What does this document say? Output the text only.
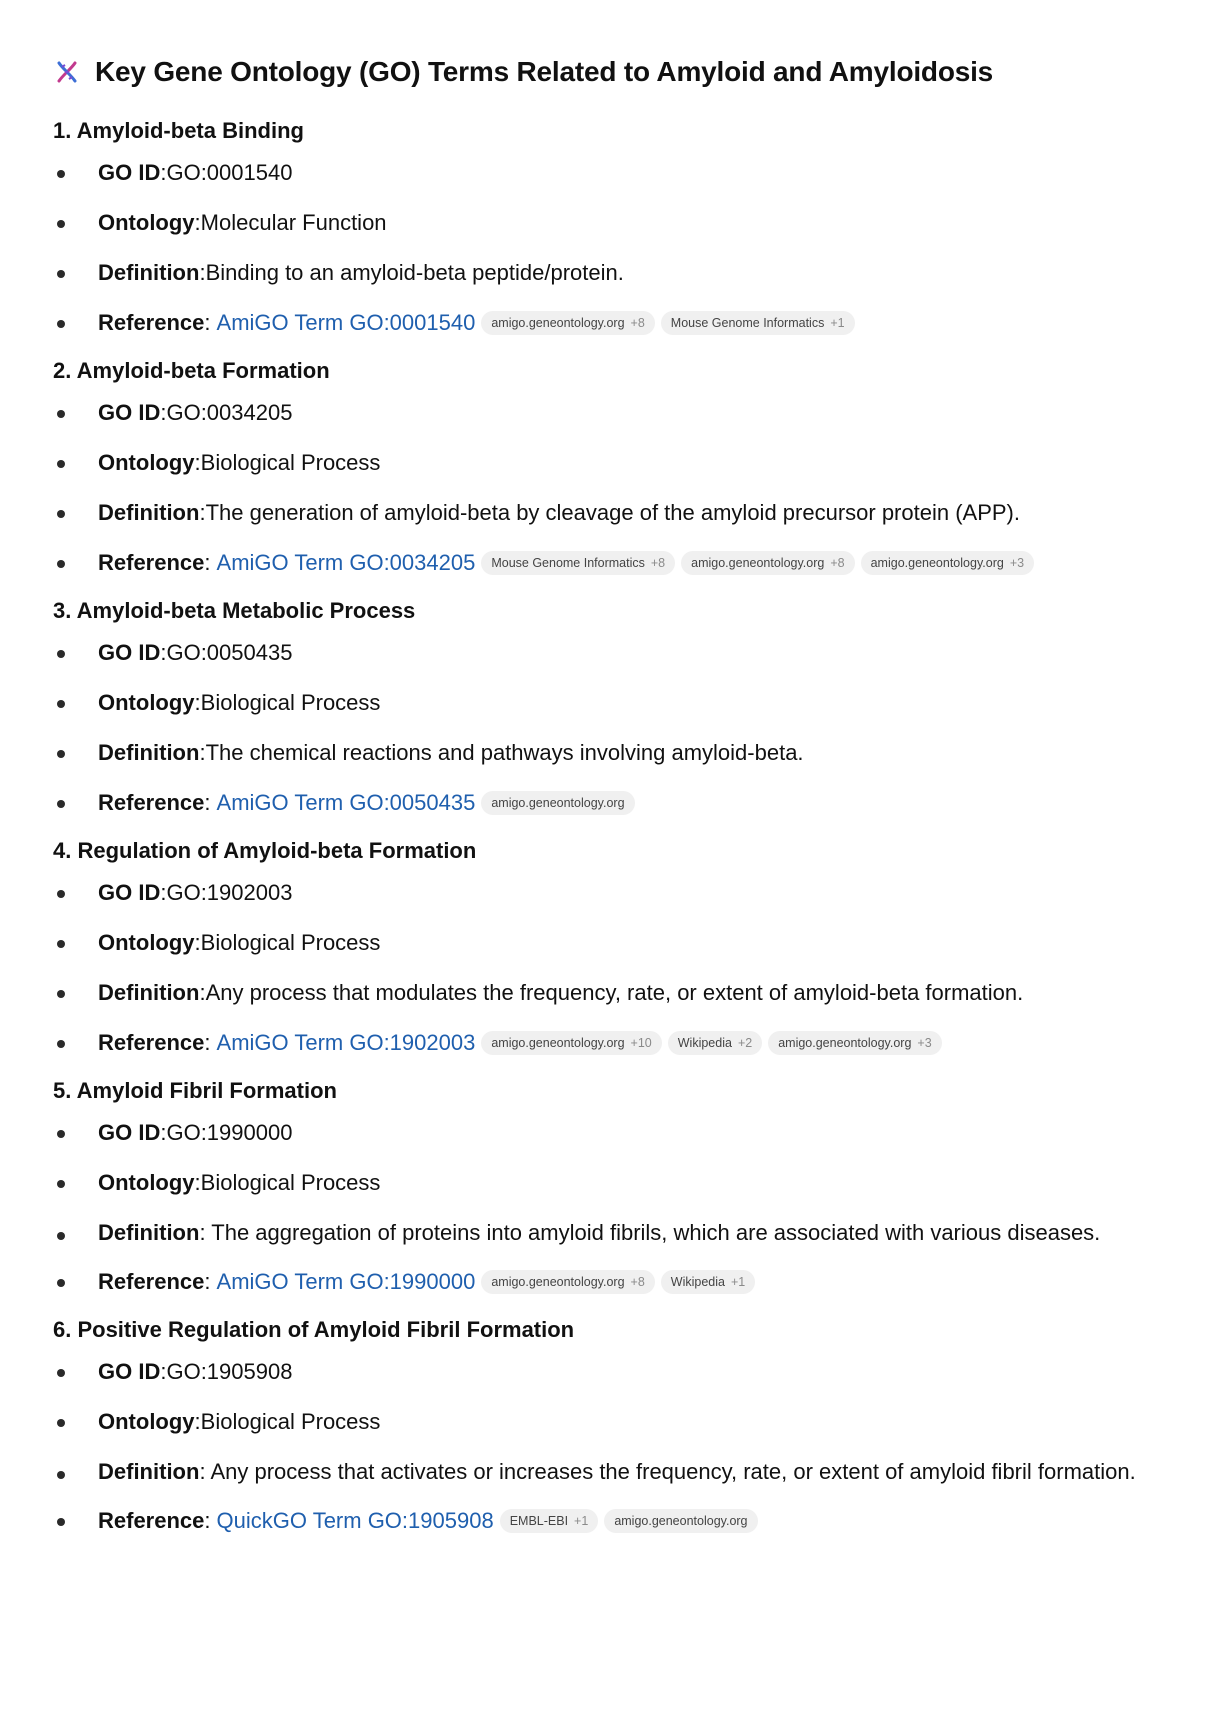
Key Gene Ontology (GO) Terms Related to Amyloid and Amyloidosis
1. Amyloid-beta Binding
GO ID : GO:0001540
Ontology : Molecular Function
Definition : Binding to an amyloid-beta peptide/protein.
Reference : AmiGO Term GO:0001540 amigo.geneontology.org +8 Mouse Genome Informatics +1
2. Amyloid-beta Formation
GO ID : GO:0034205
Ontology : Biological Process
Definition : The generation of amyloid-beta by cleavage of the amyloid precursor protein (APP).
Reference : AmiGO Term GO:0034205 Mouse Genome Informatics +8 amigo.geneontology.org +8 amigo.geneontology.org +3
3. Amyloid-beta Metabolic Process
GO ID : GO:0050435
Ontology : Biological Process
Definition : The chemical reactions and pathways involving amyloid-beta.
Reference : AmiGO Term GO:0050435 amigo.geneontology.org
4. Regulation of Amyloid-beta Formation
GO ID : GO:1902003
Ontology : Biological Process
Definition : Any process that modulates the frequency, rate, or extent of amyloid-beta formation.
Reference : AmiGO Term GO:1902003 amigo.geneontology.org +10 Wikipedia +2 amigo.geneontology.org +3
5. Amyloid Fibril Formation
GO ID : GO:1990000
Ontology : Biological Process
Definition: The aggregation of proteins into amyloid fibrils, which are associated with various diseases.
Reference : AmiGO Term GO:1990000 amigo.geneontology.org +8 Wikipedia +1
6. Positive Regulation of Amyloid Fibril Formation
GO ID : GO:1905908
Ontology : Biological Process
Definition: Any process that activates or increases the frequency, rate, or extent of amyloid fibril formation.
Reference : QuickGO Term GO:1905908 EMBL-EBI +1 amigo.geneontology.org
